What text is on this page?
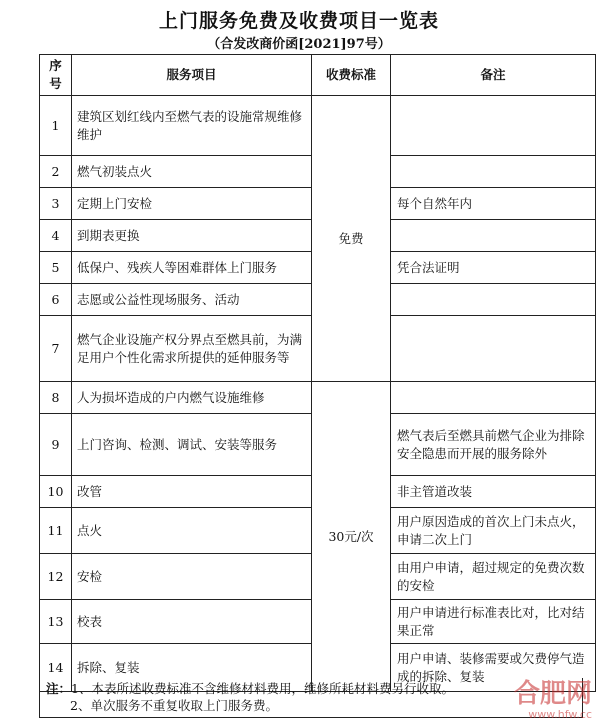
上门服务免费及收费项目一览表
（合发改商价函[2021]97号）
序号	服务项目	收费标准	备注
1	建筑区划红线内至燃气表的设施常规维修维护	免费	
2	燃气初装点火		
3	定期上门安检		每个自然年内
4	到期表更换		
5	低保户、残疾人等困难群体上门服务		凭合法证明
6	志愿或公益性现场服务、活动		
7	燃气企业设施产权分界点至燃具前，为满足用户个性化需求所提供的延伸服务等		
8	人为损坏造成的户内燃气设施维修	30元/次	
9	上门咨询、检测、调试、安装等服务		燃气表后至燃具前燃气企业为排除安全隐患而开展的服务除外
10	改管		非主管道改装
11	点火		用户原因造成的首次上门未点火，申请二次上门
12	安检		由用户申请，超过规定的免费次数的安检
13	校表		用户申请进行标准表比对，比对结果正常
14	拆除、复装		用户申请、装修需要或欠费停气造成的拆除、复装
注：1、本表所述收费标准不含维修材料费用，维修所耗材料费另行收取。
2、单次服务不重复收取上门服务费。	合肥网
www.hfw.cc
